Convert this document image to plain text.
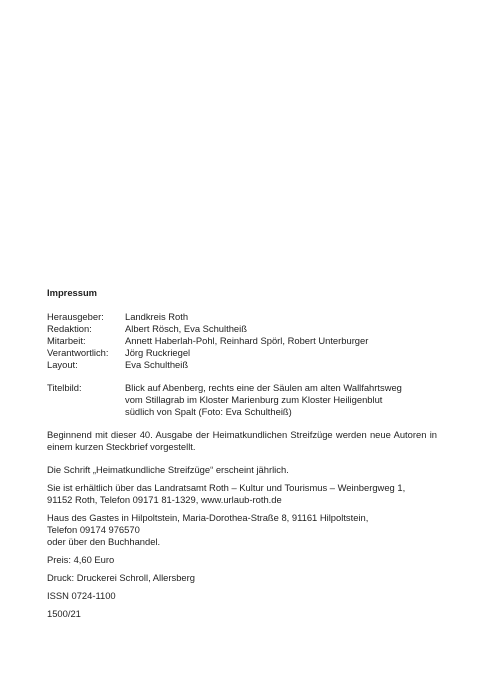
Impressum
Herausgeber:	Landkreis Roth
Redaktion:	Albert Rösch, Eva Schultheiß
Mitarbeit:	Annett Haberlah-Pohl, Reinhard Spörl, Robert Unterburger
Verantwortlich:	Jörg Ruckriegel
Layout:	Eva Schultheiß
Titelbild:	Blick auf Abenberg, rechts eine der Säulen am alten Wallfahrtsweg
vom Stillagrab im Kloster Marienburg zum Kloster Heiligenblut
südlich von Spalt (Foto: Eva Schultheiß)

Beginnend mit dieser 40. Ausgabe der Heimatkundlichen Streifzüge werden neue Autoren in einem kurzen Steckbrief vorgestellt.

Die Schrift „Heimatkundliche Streifzüge“ erscheint jährlich.

Sie ist erhältlich über das Landratsamt Roth – Kultur und Tourismus – Weinbergweg 1,
91152 Roth, Telefon 09171 81-1329, www.urlaub-roth.de

Haus des Gastes in Hilpoltstein, Maria-Dorothea-Straße 8, 91161 Hilpoltstein,
Telefon 09174 976570
oder über den Buchhandel.

Preis: 4,60 Euro

Druck: Druckerei Schroll, Allersberg

ISSN 0724-1100

1500/21
